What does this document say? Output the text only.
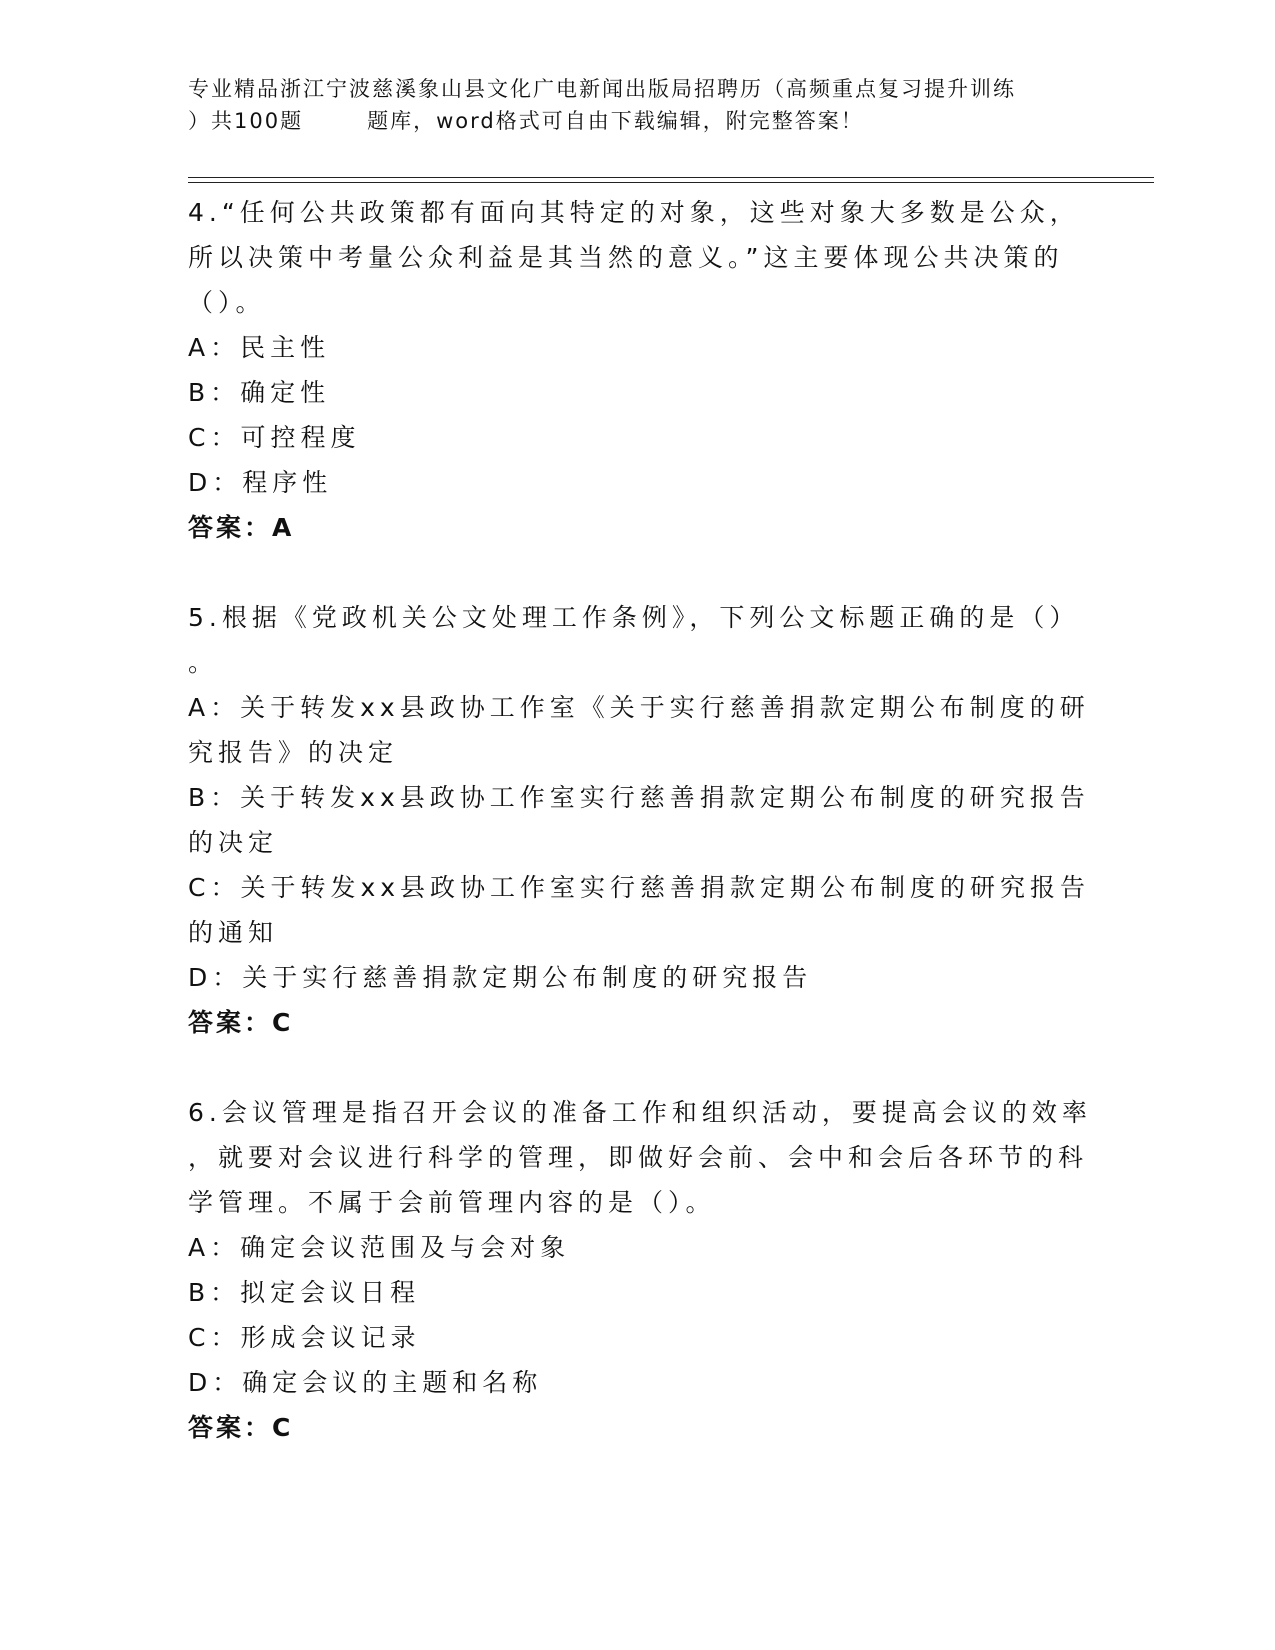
专业精品浙江宁波慈溪象山县文化广电新闻出版局招聘历（高频重点复习提升训练
）共100题	题库，word格式可自由下载编辑，附完整答案！
4.“任何公共政策都有面向其特定的对象，这些对象大多数是公众，
所以决策中考量公众利益是其当然的意义。”这主要体现公共决策的
（）。
A：民主性
B：确定性
C：可控程度
D：程序性
答案：A
5.根据《党政机关公文处理工作条例》，下列公文标题正确的是（）
。
A：关于转发xx县政协工作室《关于实行慈善捐款定期公布制度的研
究报告》的决定
B：关于转发xx县政协工作室实行慈善捐款定期公布制度的研究报告
的决定
C：关于转发xx县政协工作室实行慈善捐款定期公布制度的研究报告
的通知
D：关于实行慈善捐款定期公布制度的研究报告
答案：C
6.会议管理是指召开会议的准备工作和组织活动，要提高会议的效率
，就要对会议进行科学的管理，即做好会前、会中和会后各环节的科
学管理。不属于会前管理内容的是（）。
A：确定会议范围及与会对象
B：拟定会议日程
C：形成会议记录
D：确定会议的主题和名称
答案：C
